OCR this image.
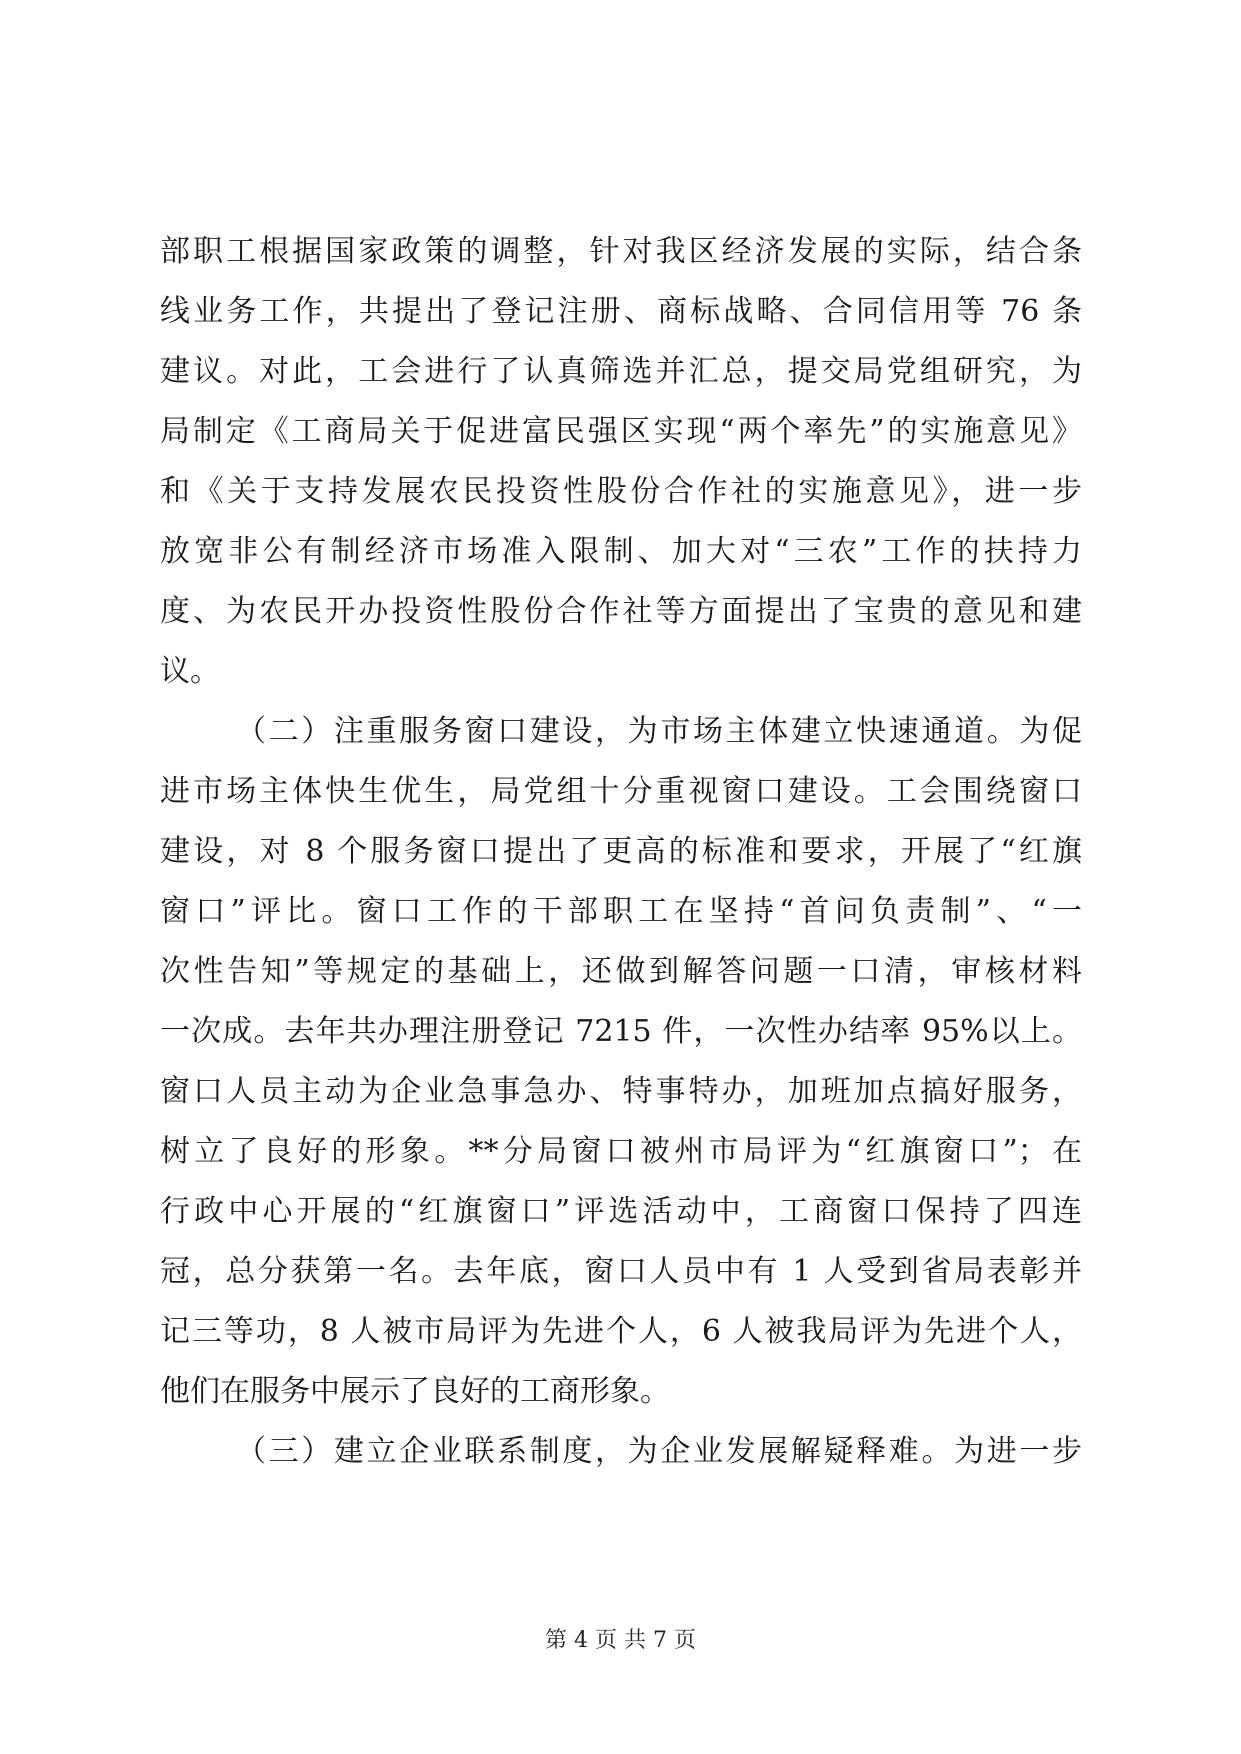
部职工根据国家政策的调整，针对我区经济发展的实际，结合条
线业务工作，共提出了登记注册、商标战略、合同信用等 76 条
建议。对此，工会进行了认真筛选并汇总，提交局党组研究，为
局制定《工商局关于促进富民强区实现“两个率先”的实施意见》
和《关于支持发展农民投资性股份合作社的实施意见》，进一步
放宽非公有制经济市场准入限制、加大对“三农”工作的扶持力
度、为农民开办投资性股份合作社等方面提出了宝贵的意见和建
议。
（二）注重服务窗口建设，为市场主体建立快速通道。为促
进市场主体快生优生，局党组十分重视窗口建设。工会围绕窗口
建设，对 8 个服务窗口提出了更高的标准和要求，开展了“红旗
窗口”评比。窗口工作的干部职工在坚持“首问负责制”、“一
次性告知”等规定的基础上，还做到解答问题一口清，审核材料
一次成。去年共办理注册登记 7215 件，一次性办结率 95%以上。
窗口人员主动为企业急事急办、特事特办，加班加点搞好服务，
树立了良好的形象。**分局窗口被州市局评为“红旗窗口”；在
行政中心开展的“红旗窗口”评选活动中，工商窗口保持了四连
冠，总分获第一名。去年底，窗口人员中有 1 人受到省局表彰并
记三等功，8 人被市局评为先进个人，6 人被我局评为先进个人，
他们在服务中展示了良好的工商形象。
（三）建立企业联系制度，为企业发展解疑释难。为进一步
第 4 页 共 7 页
